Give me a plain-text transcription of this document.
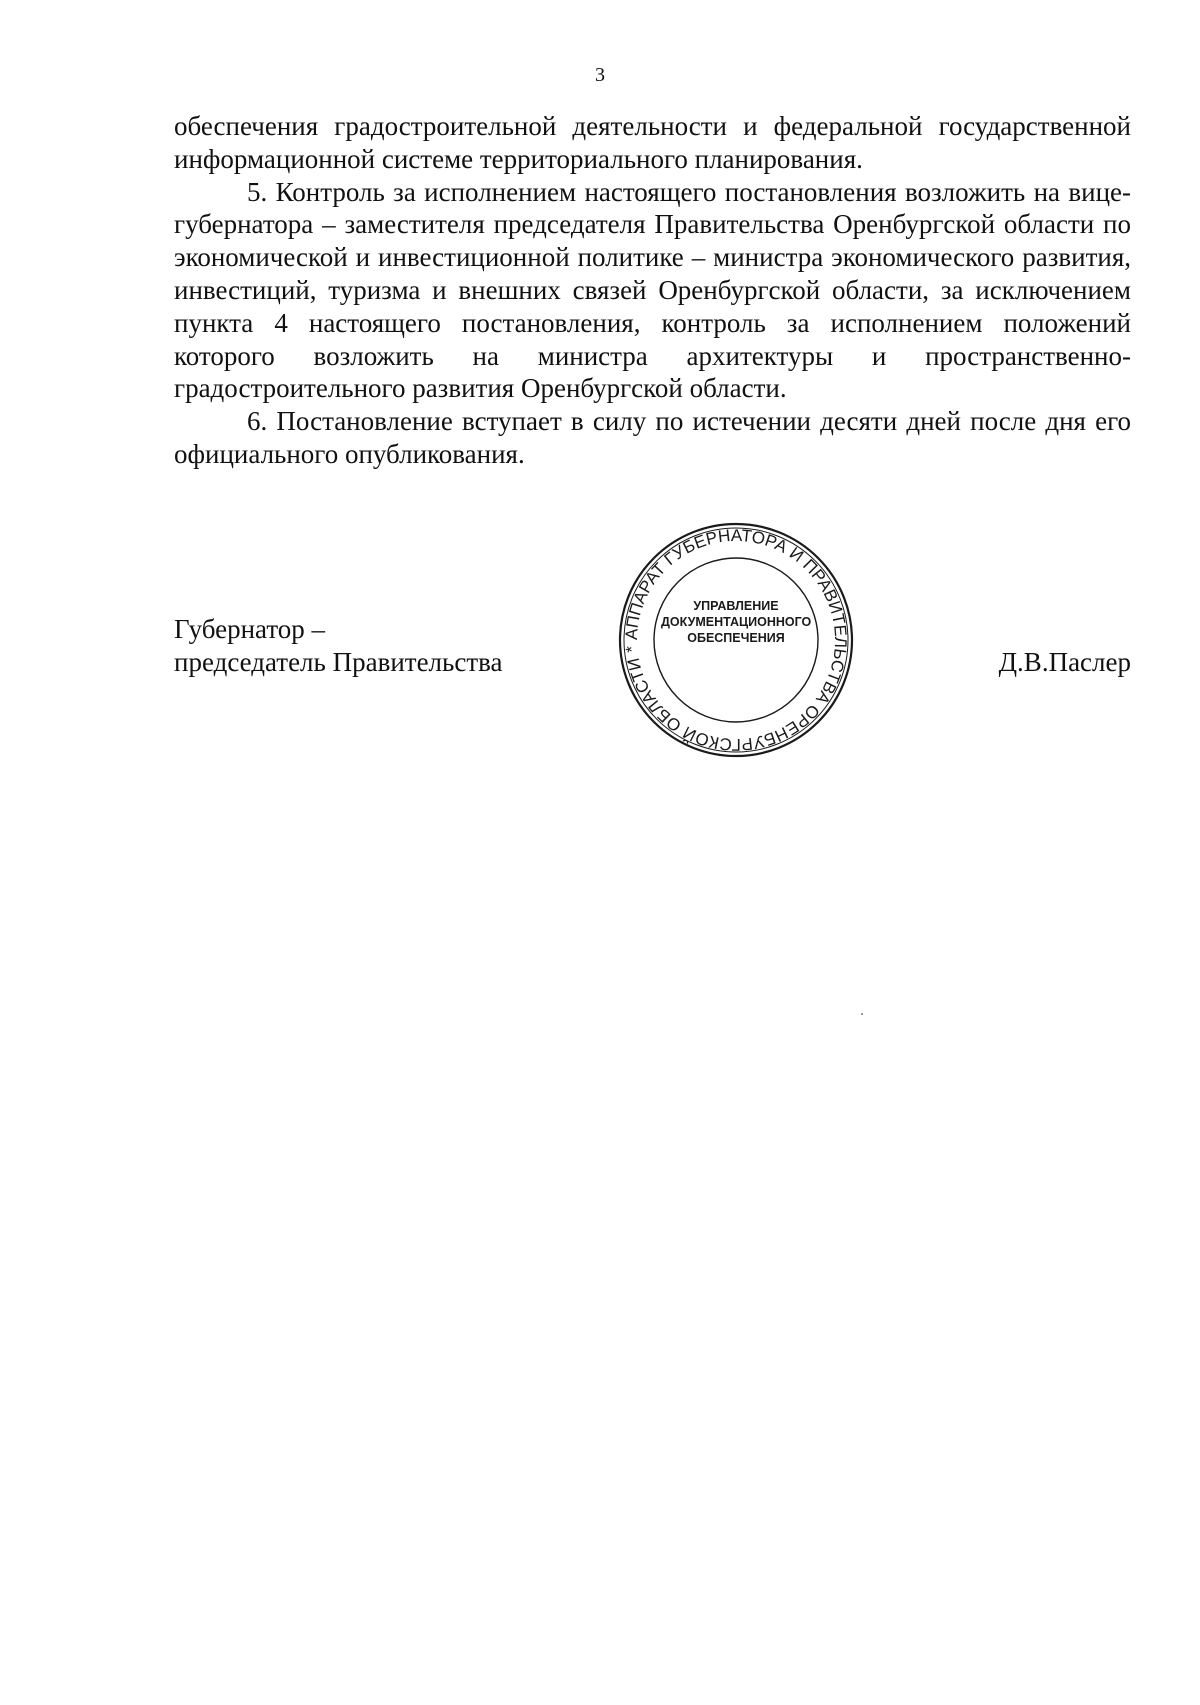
3

обеспечения градостроительной деятельности и федеральной государственной информационной системе территориального планирования.

5. Контроль за исполнением настоящего постановления возложить на вице-губернатора – заместителя председателя Правительства Оренбургской области по экономической и инвестиционной политике – министра экономического развития, инвестиций, туризма и внешних связей Оренбургской области, за исключением пункта 4 настоящего постановления, контроль за исполнением положений которого возложить на министра архитектуры и пространственно-градостроительного развития Оренбургской области.

6. Постановление вступает в силу по истечении десяти дней после дня его официального опубликования.

Губернатор –
председатель Правительства
АППАРАТ ГУБЕРНАТОРА И ПРАВИТЕЛЬСТВА ОРЕНБУРГСКОЙ ОБЛАСТИ *
УПРАВЛЕНИЕ
ДОКУМЕНТАЦИОННОГО
ОБЕСПЕЧЕНИЯ
Д.В.Паслер
